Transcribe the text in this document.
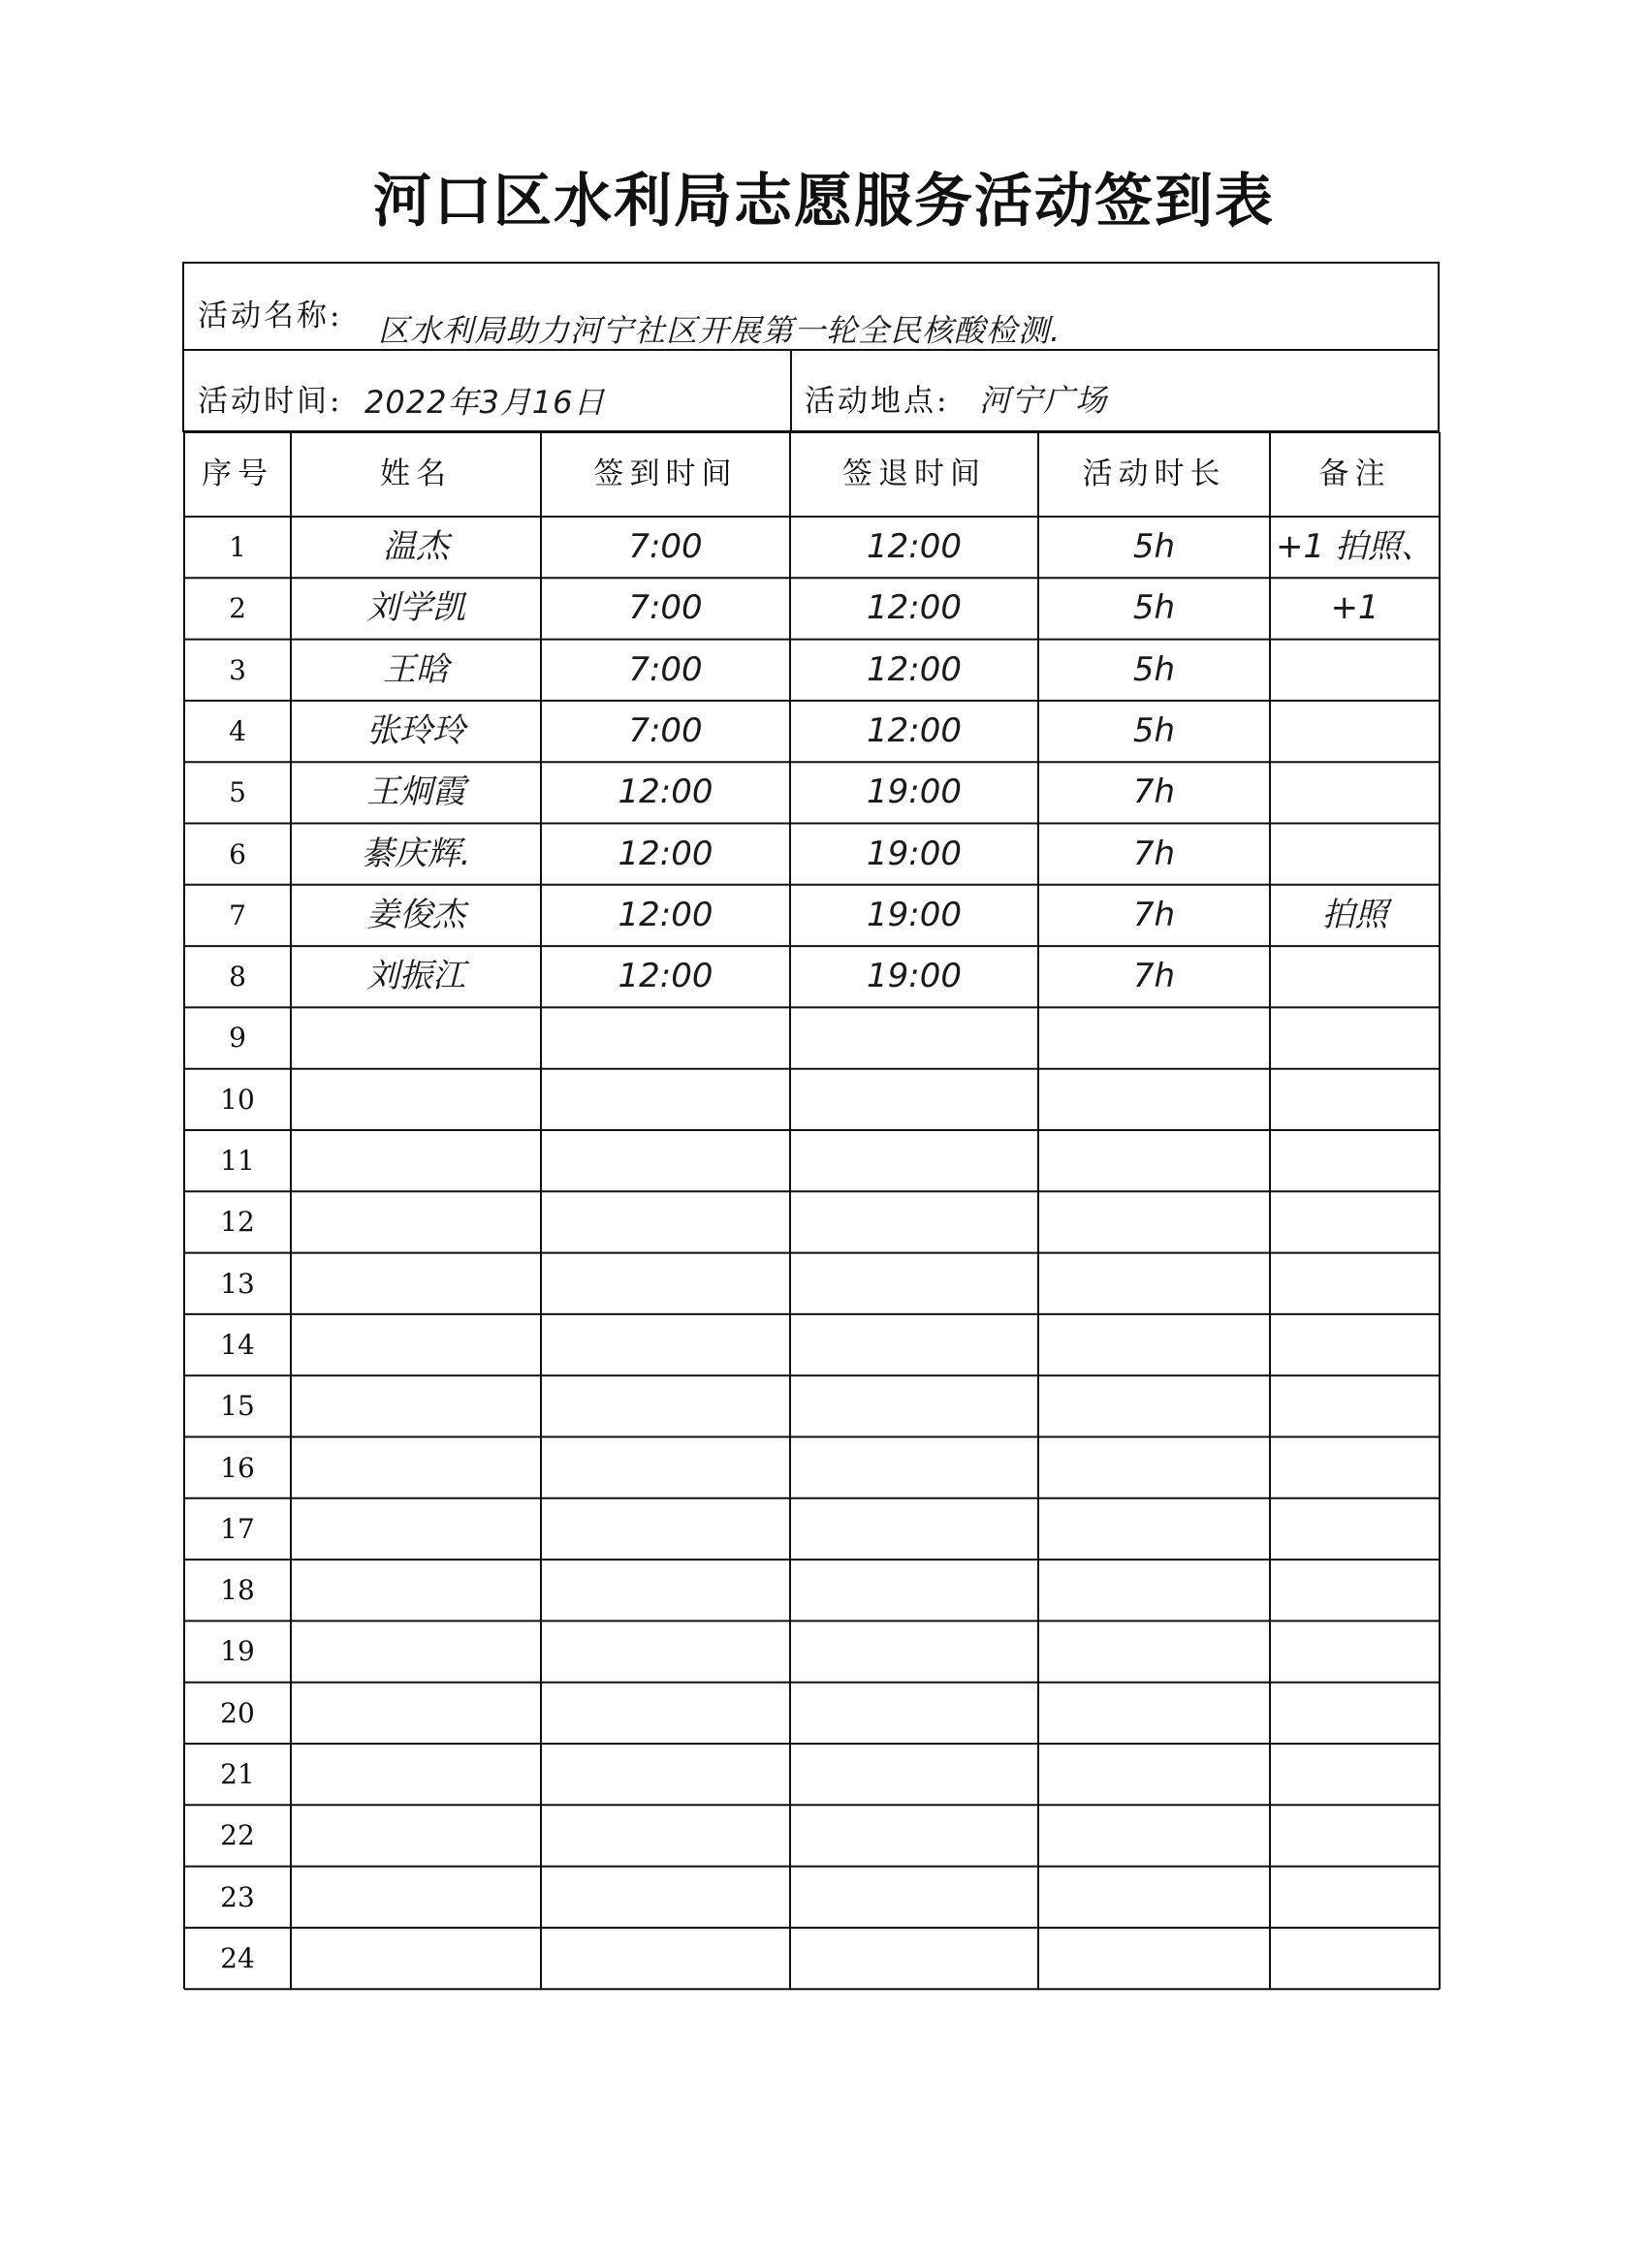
河口区水利局志愿服务活动签到表
活动名称: 区水利局助力河宁社区开展第一轮全民核酸检测.
活动时间: 2022年3月16日	活动地点: 河宁广场
序号	姓名	签到时间	签退时间	活动时长	备注
1	温杰	7:00	12:00	5h	+1 拍照、
2	刘学凯	7:00	12:00	5h	+1
3	王晗	7:00	12:00	5h
4	张玲玲	7:00	12:00	5h
5	王炯霞	12:00	19:00	7h
6	綦庆辉.	12:00	19:00	7h
7	姜俊杰	12:00	19:00	7h	拍照
8	刘振江	12:00	19:00	7h
9
10
11
12
13
14
15
16
17
18
19
20
21
22
23
24
